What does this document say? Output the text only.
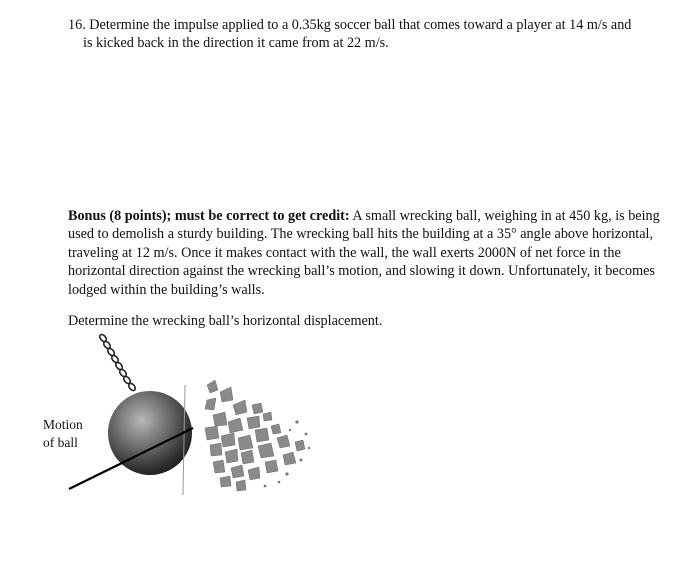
16. Determine the impulse applied to a 0.35kg soccer ball that comes toward a player at 14 m/s and
is kicked back in the direction it came from at 22 m/s.
Bonus (8 points); must be correct to get credit: A small wrecking ball, weighing in at 450 kg, is being used to demolish a sturdy building. The wrecking ball hits the building at a 35° angle above horizontal, traveling at 12 m/s. Once it makes contact with the wall, the wall exerts 2000N of net force in the horizontal direction against the wrecking ball’s motion, and slowing it down. Unfortunately, it becomes lodged within the building’s walls.
Determine the wrecking ball’s horizontal displacement.
Motion
of ball
